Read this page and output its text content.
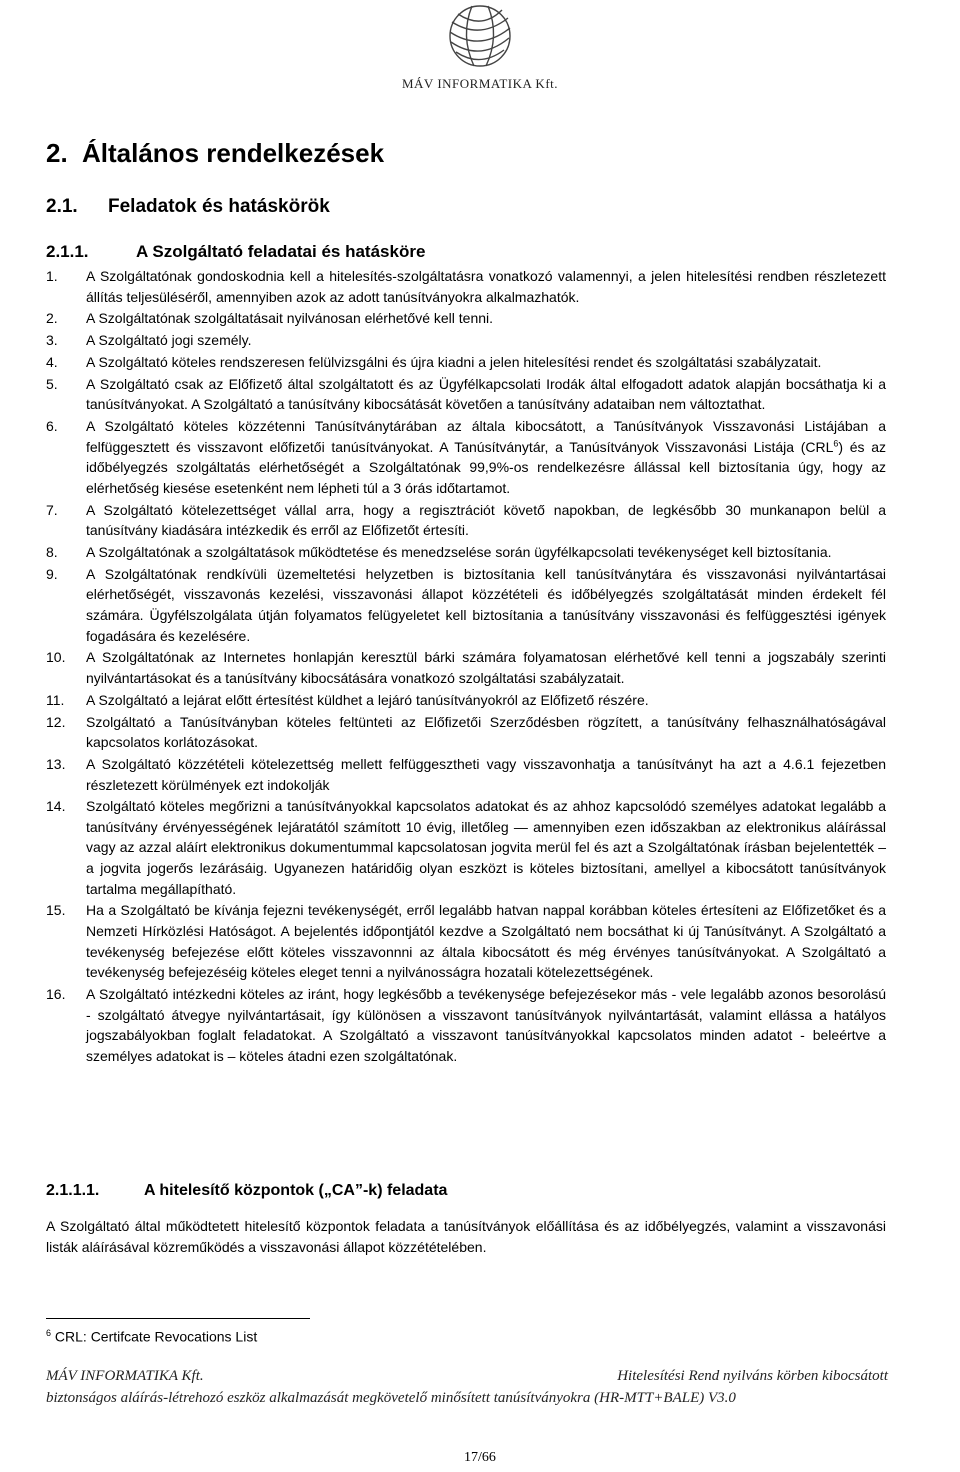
MÁV INFORMATIKA Kft.
2. Általános rendelkezések
2.1. Feladatok és hatáskörök
2.1.1.	A Szolgáltató feladatai és hatásköre
1. A Szolgáltatónak gondoskodnia kell a hitelesítés-szolgáltatásra vonatkozó valamennyi, a jelen hitelesítési rendben részletezett állítás teljesüléséről, amennyiben azok az adott tanúsítványokra alkalmazhatók.
2. A Szolgáltatónak szolgáltatásait nyilvánosan elérhetővé kell tenni.
3. A Szolgáltató jogi személy.
4. A Szolgáltató köteles rendszeresen felülvizsgálni és újra kiadni a jelen hitelesítési rendet és szolgáltatási szabályzatait.
5. A Szolgáltató csak az Előfizető által szolgáltatott és az Ügyfélkapcsolati Irodák által elfogadott adatok alapján bocsáthatja ki a tanúsítványokat. A Szolgáltató a tanúsítvány kibocsátását követően a tanúsítvány adataiban nem változtathat.
6. A Szolgáltató köteles közzétenni Tanúsítványtárában az általa kibocsátott, a Tanúsítványok Visszavonási Listájában a felfüggesztett és visszavont előfizetői tanúsítványokat. A Tanúsítványtár, a Tanúsítványok Visszavonási Listája (CRL$^6$) és az időbélyegzés szolgáltatás elérhetőségét a Szolgáltatónak 99,9%-os rendelkezésre állással kell biztosítania úgy, hogy az elérhetőség kiesése esetenként nem lépheti túl a 3 órás időtartamot.
7. A Szolgáltató kötelezettséget vállal arra, hogy a regisztrációt követő napokban, de legkésőbb 30 munkanapon belül a tanúsítvány kiadására intézkedik és erről az Előfizetőt értesíti.
8. A Szolgáltatónak a szolgáltatások működtetése és menedzselése során ügyfélkapcsolati tevékenységet kell biztosítania.
9. A Szolgáltatónak rendkívüli üzemeltetési helyzetben is biztosítania kell tanúsítványtára és visszavonási nyilvántartásai elérhetőségét, visszavonás kezelési, visszavonási állapot közzétételi és időbélyegzés szolgáltatását minden érdekelt fél számára. Ügyfélszolgálata útján folyamatos felügyeletet kell biztosítania a tanúsítvány visszavonási és felfüggesztési igények fogadására és kezelésére.
10. A Szolgáltatónak az Internetes honlapján keresztül bárki számára folyamatosan elérhetővé kell tenni a jogszabály szerinti nyilvántartásokat és a tanúsítvány kibocsátására vonatkozó szolgáltatási szabályzatait.
11. A Szolgáltató a lejárat előtt értesítést küldhet a lejáró tanúsítványokról az Előfizető részére.
12. Szolgáltató a Tanúsítványban köteles feltünteti az Előfizetői Szerződésben rögzített, a tanúsítvány felhasználhatóságával kapcsolatos korlátozásokat.
13. A Szolgáltató közzétételi kötelezettség mellett felfüggesztheti vagy visszavonhatja a tanúsítványt ha azt a 4.6.1 fejezetben részletezett körülmények ezt indokolják
14. Szolgáltató köteles megőrizni a tanúsítványokkal kapcsolatos adatokat és az ahhoz kapcsolódó személyes adatokat legalább a tanúsítvány érvényességének lejáratától számított 10 évig, illetőleg — amennyiben ezen időszakban az elektronikus aláírással vagy az azzal aláírt elektronikus dokumentummal kapcsolatosan jogvita merül fel és azt a Szolgáltatónak írásban bejelentették – a jogvita jogerős lezárásáig. Ugyanezen határidőig olyan eszközt is köteles biztosítani, amellyel a kibocsátott tanúsítványok tartalma megállapítható.
15. Ha a Szolgáltató be kívánja fejezni tevékenységét, erről legalább hatvan nappal korábban köteles értesíteni az Előfizetőket és a Nemzeti Hírközlési Hatóságot. A bejelentés időpontjától kezdve a Szolgáltató nem bocsáthat ki új Tanúsítványt. A Szolgáltató a tevékenység befejezése előtt köteles visszavonnni az általa kibocsátott és még érvényes tanúsítványokat. A Szolgáltató a tevékenység befejezéséig köteles eleget tenni a nyilvánosságra hozatali kötelezettségének.
16. A Szolgáltató intézkedni köteles az iránt, hogy legkésőbb a tevékenysége befejezésekor más - vele legalább azonos besorolású - szolgáltató átvegye nyilvántartásait, így különösen a visszavont tanúsítványok nyilvántartását, valamint ellássa a hatályos jogszabályokban foglalt feladatokat. A Szolgáltató a visszavont tanúsítványokkal kapcsolatos minden adatot - beleértve a személyes adatokat is – köteles átadni ezen szolgáltatónak.
2.1.1.1.	A hitelesítő központok („CA”-k) feladata
A Szolgáltató által működtetett hitelesítő központok feladata a tanúsítványok előállítása és az időbélyegzés, valamint a visszavonási listák aláírásával közreműködés a visszavonási állapot közzétételében.
$^6$ CRL: Certifcate Revocations List
MÁV INFORMATIKA Kft.	Hitelesítési Rend nyilváns körben kibocsátott
biztonságos aláírás-létrehozó eszköz alkalmazását megkövetelő minősített tanúsítványokra (HR-MTT+BALE) V3.0
17/66
